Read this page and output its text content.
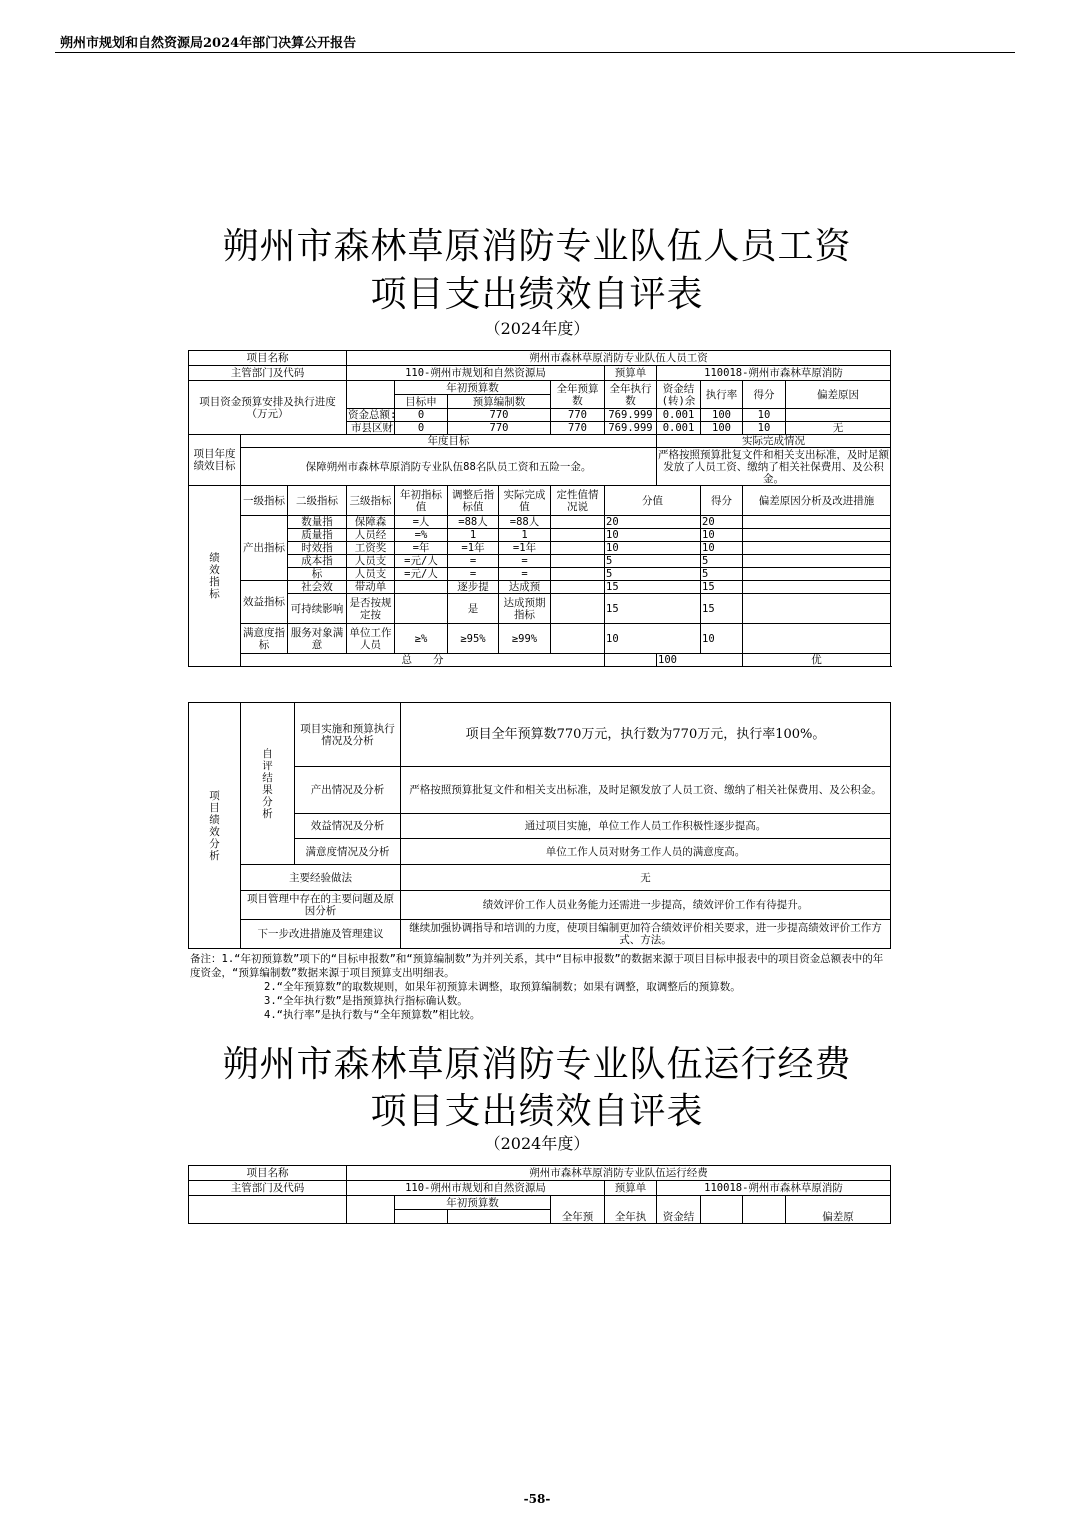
朔州市规划和自然资源局2024年部门决算公开报告
朔州市森林草原消防专业队伍人员工资
项目支出绩效自评表
（2024年度）
项目名称			朔州市森林草原消防专业队伍人员工资									
主管部门及代码			110-朔州市规划和自然资源局					预算单	110018-朔州市森林草原消防			
项目资金预算安排及执行进度（万元）				年初预算数			全年预算数	全年执行数	资金结(转)余	执行率	得分	偏差原因
				目标申	预算编制数							
			资金总额:	0	770		770	769.999	0.001	100	10	
			市县区财	0	770		770	769.999	0.001	100	10	无
项目年度绩效目标	年度目标								实际完成情况			
	保障朔州市森林草原消防专业队伍88名队员工资和五险一金。								严格按照预算批复文件和相关支出标准，及时足额发放了人员工资、缴纳了相关社保费用、及公积金。			
绩效指标	一级指标	二级指标	三级指标	年初指标值	调整后指标值	实际完成值	定性值情况说	分值		得分	偏差原因分析及改进措施	
	产出指标	数量指	保障森	=人	=88人	=88人		20		20		
		质量指	人员经	=%	1	1		10		10		
		时效指	工资奖	=年	=1年	=1年		10		10		
		成本指	人员支	=元/人	=	=		5		5		
		标	人员支	=元/人	=	=		5		5		
	效益指标	社会效	带动单		逐步提	达成预		15		15		
		可持续影响	是否按规定按		是	达成预期指标		15		15		
	满意度指标	服务对象满意	单位工作人员	≥%	≥95%	≥99%		10		10		
	总　　分								100		优	
项目绩效分析	自评结果分析	项目实施和预算执行情况及分析	项目全年预算数770万元，执行数为770万元，执行率100%。
		产出情况及分析	严格按照预算批复文件和相关支出标准，及时足额发放了人员工资、缴纳了相关社保费用、及公积金。
		效益情况及分析	通过项目实施，单位工作人员工作积极性逐步提高。
		满意度情况及分析	单位工作人员对财务工作人员的满意度高。
	主要经验做法		无
	项目管理中存在的主要问题及原因分析		绩效评价工作人员业务能力还需进一步提高，绩效评价工作有待提升。
	下一步改进措施及管理建议		继续加强协调指导和培训的力度，使项目编制更加符合绩效评价相关要求，进一步提高绩效评价工作方式、方法。
备注：1.“年初预算数”项下的“目标申报数”和“预算编制数”为并列关系，其中“目标申报数”的数据来源于项目目标申报表中的项目资金总额表中的年度资金，“预算编制数”数据来源于项目预算支出明细表。
2.“全年预算数”的取数规则，如果年初预算未调整，取预算编制数；如果有调整，取调整后的预算数。
3.“全年执行数”是指预算执行指标确认数。
4.“执行率”是执行数与“全年预算数”相比较。
朔州市森林草原消防专业队伍运行经费
项目支出绩效自评表
（2024年度）
项目名称	朔州市森林草原消防专业队伍运行经费								
主管部门及代码	110-朔州市规划和自然资源局				预算单	110018-朔州市森林草原消防			
		年初预算数		全年预	全年执	资金结			偏差原

-58-
